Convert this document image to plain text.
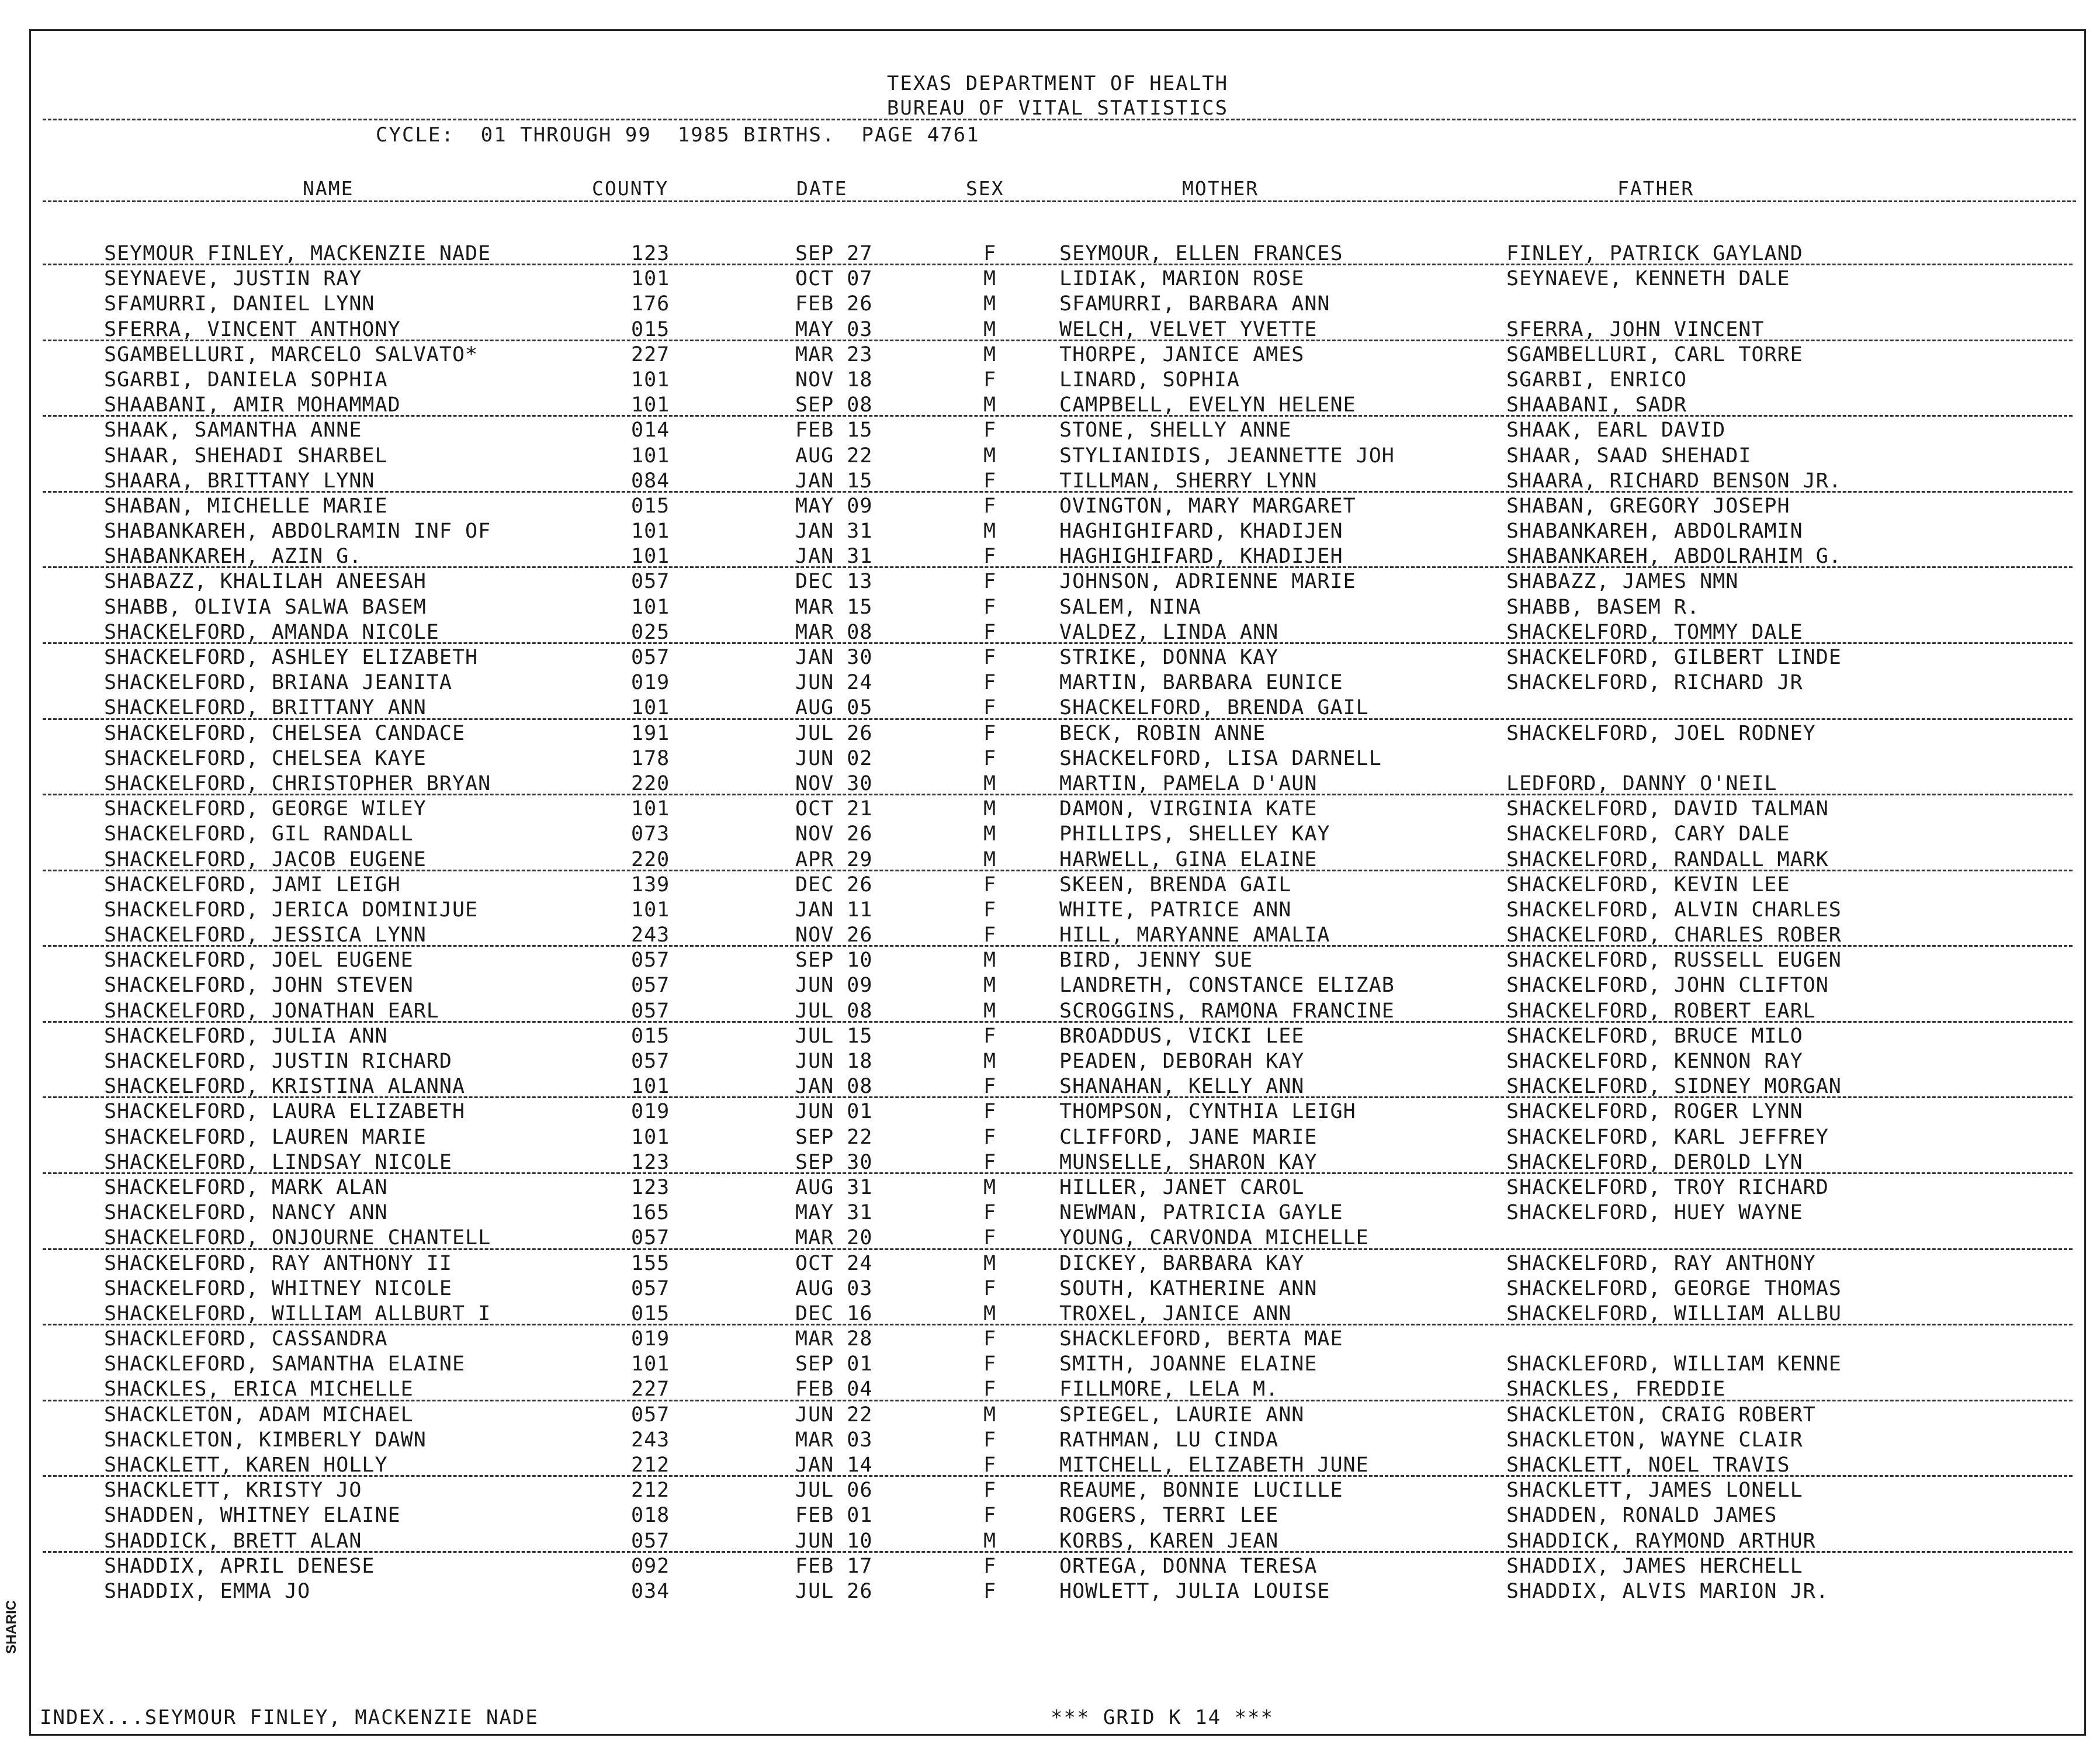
TEXAS DEPARTMENT OF HEALTH
BUREAU OF VITAL STATISTICS
CYCLE:  01 THROUGH 99  1985 BIRTHS.  PAGE 4761
NAME	COUNTY	DATE	SEX	MOTHER	FATHER
SEYMOUR FINLEY, MACKENZIE NADE	123	SEP 27	F	SEYMOUR, ELLEN FRANCES	FINLEY, PATRICK GAYLAND
SEYNAEVE, JUSTIN RAY	101	OCT 07	M	LIDIAK, MARION ROSE	SEYNAEVE, KENNETH DALE
SFAMURRI, DANIEL LYNN	176	FEB 26	M	SFAMURRI, BARBARA ANN
SFERRA, VINCENT ANTHONY	015	MAY 03	M	WELCH, VELVET YVETTE	SFERRA, JOHN VINCENT
SGAMBELLURI, MARCELO SALVATO*	227	MAR 23	M	THORPE, JANICE AMES	SGAMBELLURI, CARL TORRE
SGARBI, DANIELA SOPHIA	101	NOV 18	F	LINARD, SOPHIA	SGARBI, ENRICO
SHAABANI, AMIR MOHAMMAD	101	SEP 08	M	CAMPBELL, EVELYN HELENE	SHAABANI, SADR
SHAAK, SAMANTHA ANNE	014	FEB 15	F	STONE, SHELLY ANNE	SHAAK, EARL DAVID
SHAAR, SHEHADI SHARBEL	101	AUG 22	M	STYLIANIDIS, JEANNETTE JOH	SHAAR, SAAD SHEHADI
SHAARA, BRITTANY LYNN	084	JAN 15	F	TILLMAN, SHERRY LYNN	SHAARA, RICHARD BENSON JR.
SHABAN, MICHELLE MARIE	015	MAY 09	F	OVINGTON, MARY MARGARET	SHABAN, GREGORY JOSEPH
SHABANKAREH, ABDOLRAMIN INF OF	101	JAN 31	M	HAGHIGHIFARD, KHADIJEN	SHABANKAREH, ABDOLRAMIN
SHABANKAREH, AZIN G.	101	JAN 31	F	HAGHIGHIFARD, KHADIJEH	SHABANKAREH, ABDOLRAHIM G.
SHABAZZ, KHALILAH ANEESAH	057	DEC 13	F	JOHNSON, ADRIENNE MARIE	SHABAZZ, JAMES NMN
SHABB, OLIVIA SALWA BASEM	101	MAR 15	F	SALEM, NINA	SHABB, BASEM R.
SHACKELFORD, AMANDA NICOLE	025	MAR 08	F	VALDEZ, LINDA ANN	SHACKELFORD, TOMMY DALE
SHACKELFORD, ASHLEY ELIZABETH	057	JAN 30	F	STRIKE, DONNA KAY	SHACKELFORD, GILBERT LINDE
SHACKELFORD, BRIANA JEANITA	019	JUN 24	F	MARTIN, BARBARA EUNICE	SHACKELFORD, RICHARD JR
SHACKELFORD, BRITTANY ANN	101	AUG 05	F	SHACKELFORD, BRENDA GAIL
SHACKELFORD, CHELSEA CANDACE	191	JUL 26	F	BECK, ROBIN ANNE	SHACKELFORD, JOEL RODNEY
SHACKELFORD, CHELSEA KAYE	178	JUN 02	F	SHACKELFORD, LISA DARNELL
SHACKELFORD, CHRISTOPHER BRYAN	220	NOV 30	M	MARTIN, PAMELA D'AUN	LEDFORD, DANNY O'NEIL
SHACKELFORD, GEORGE WILEY	101	OCT 21	M	DAMON, VIRGINIA KATE	SHACKELFORD, DAVID TALMAN
SHACKELFORD, GIL RANDALL	073	NOV 26	M	PHILLIPS, SHELLEY KAY	SHACKELFORD, CARY DALE
SHACKELFORD, JACOB EUGENE	220	APR 29	M	HARWELL, GINA ELAINE	SHACKELFORD, RANDALL MARK
SHACKELFORD, JAMI LEIGH	139	DEC 26	F	SKEEN, BRENDA GAIL	SHACKELFORD, KEVIN LEE
SHACKELFORD, JERICA DOMINIJUE	101	JAN 11	F	WHITE, PATRICE ANN	SHACKELFORD, ALVIN CHARLES
SHACKELFORD, JESSICA LYNN	243	NOV 26	F	HILL, MARYANNE AMALIA	SHACKELFORD, CHARLES ROBER
SHACKELFORD, JOEL EUGENE	057	SEP 10	M	BIRD, JENNY SUE	SHACKELFORD, RUSSELL EUGEN
SHACKELFORD, JOHN STEVEN	057	JUN 09	M	LANDRETH, CONSTANCE ELIZAB	SHACKELFORD, JOHN CLIFTON
SHACKELFORD, JONATHAN EARL	057	JUL 08	M	SCROGGINS, RAMONA FRANCINE	SHACKELFORD, ROBERT EARL
SHACKELFORD, JULIA ANN	015	JUL 15	F	BROADDUS, VICKI LEE	SHACKELFORD, BRUCE MILO
SHACKELFORD, JUSTIN RICHARD	057	JUN 18	M	PEADEN, DEBORAH KAY	SHACKELFORD, KENNON RAY
SHACKELFORD, KRISTINA ALANNA	101	JAN 08	F	SHANAHAN, KELLY ANN	SHACKELFORD, SIDNEY MORGAN
SHACKELFORD, LAURA ELIZABETH	019	JUN 01	F	THOMPSON, CYNTHIA LEIGH	SHACKELFORD, ROGER LYNN
SHACKELFORD, LAUREN MARIE	101	SEP 22	F	CLIFFORD, JANE MARIE	SHACKELFORD, KARL JEFFREY
SHACKELFORD, LINDSAY NICOLE	123	SEP 30	F	MUNSELLE, SHARON KAY	SHACKELFORD, DEROLD LYN
SHACKELFORD, MARK ALAN	123	AUG 31	M	HILLER, JANET CAROL	SHACKELFORD, TROY RICHARD
SHACKELFORD, NANCY ANN	165	MAY 31	F	NEWMAN, PATRICIA GAYLE	SHACKELFORD, HUEY WAYNE
SHACKELFORD, ONJOURNE CHANTELL	057	MAR 20	F	YOUNG, CARVONDA MICHELLE
SHACKELFORD, RAY ANTHONY II	155	OCT 24	M	DICKEY, BARBARA KAY	SHACKELFORD, RAY ANTHONY
SHACKELFORD, WHITNEY NICOLE	057	AUG 03	F	SOUTH, KATHERINE ANN	SHACKELFORD, GEORGE THOMAS
SHACKELFORD, WILLIAM ALLBURT I	015	DEC 16	M	TROXEL, JANICE ANN	SHACKELFORD, WILLIAM ALLBU
SHACKLEFORD, CASSANDRA	019	MAR 28	F	SHACKLEFORD, BERTA MAE
SHACKLEFORD, SAMANTHA ELAINE	101	SEP 01	F	SMITH, JOANNE ELAINE	SHACKLEFORD, WILLIAM KENNE
SHACKLES, ERICA MICHELLE	227	FEB 04	F	FILLMORE, LELA M.	SHACKLES, FREDDIE
SHACKLETON, ADAM MICHAEL	057	JUN 22	M	SPIEGEL, LAURIE ANN	SHACKLETON, CRAIG ROBERT
SHACKLETON, KIMBERLY DAWN	243	MAR 03	F	RATHMAN, LU CINDA	SHACKLETON, WAYNE CLAIR
SHACKLETT, KAREN HOLLY	212	JAN 14	F	MITCHELL, ELIZABETH JUNE	SHACKLETT, NOEL TRAVIS
SHACKLETT, KRISTY JO	212	JUL 06	F	REAUME, BONNIE LUCILLE	SHACKLETT, JAMES LONELL
SHADDEN, WHITNEY ELAINE	018	FEB 01	F	ROGERS, TERRI LEE	SHADDEN, RONALD JAMES
SHADDICK, BRETT ALAN	057	JUN 10	M	KORBS, KAREN JEAN	SHADDICK, RAYMOND ARTHUR
SHADDIX, APRIL DENESE	092	FEB 17	F	ORTEGA, DONNA TERESA	SHADDIX, JAMES HERCHELL
SHADDIX, EMMA JO	034	JUL 26	F	HOWLETT, JULIA LOUISE	SHADDIX, ALVIS MARION JR.
INDEX...SEYMOUR FINLEY, MACKENZIE NADE	*** GRID K 14 ***
SHARIC
